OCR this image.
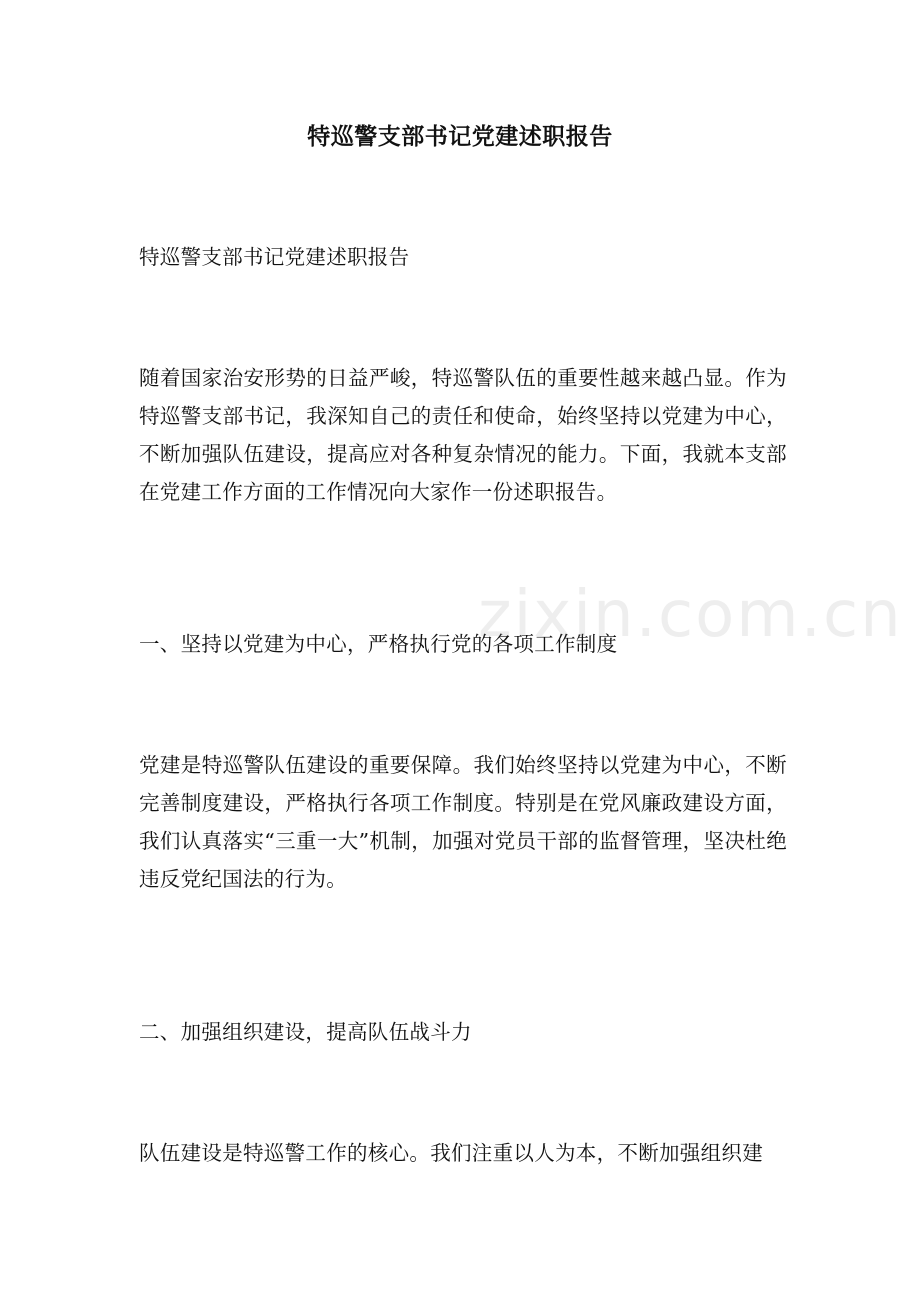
特巡警支部书记党建述职报告

特巡警支部书记党建述职报告

随着国家治安形势的日益严峻，特巡警队伍的重要性越来越凸显。作为特巡警支部书记，我深知自己的责任和使命，始终坚持以党建为中心，不断加强队伍建设，提高应对各种复杂情况的能力。下面，我就本支部在党建工作方面的工作情况向大家作一份述职报告。

一、坚持以党建为中心，严格执行党的各项工作制度

党建是特巡警队伍建设的重要保障。我们始终坚持以党建为中心，不断完善制度建设，严格执行各项工作制度。特别是在党风廉政建设方面，我们认真落实“三重一大”机制，加强对党员干部的监督管理，坚决杜绝违反党纪国法的行为。

二、加强组织建设，提高队伍战斗力

队伍建设是特巡警工作的核心。我们注重以人为本，不断加强组织建

zixin.com.cn
